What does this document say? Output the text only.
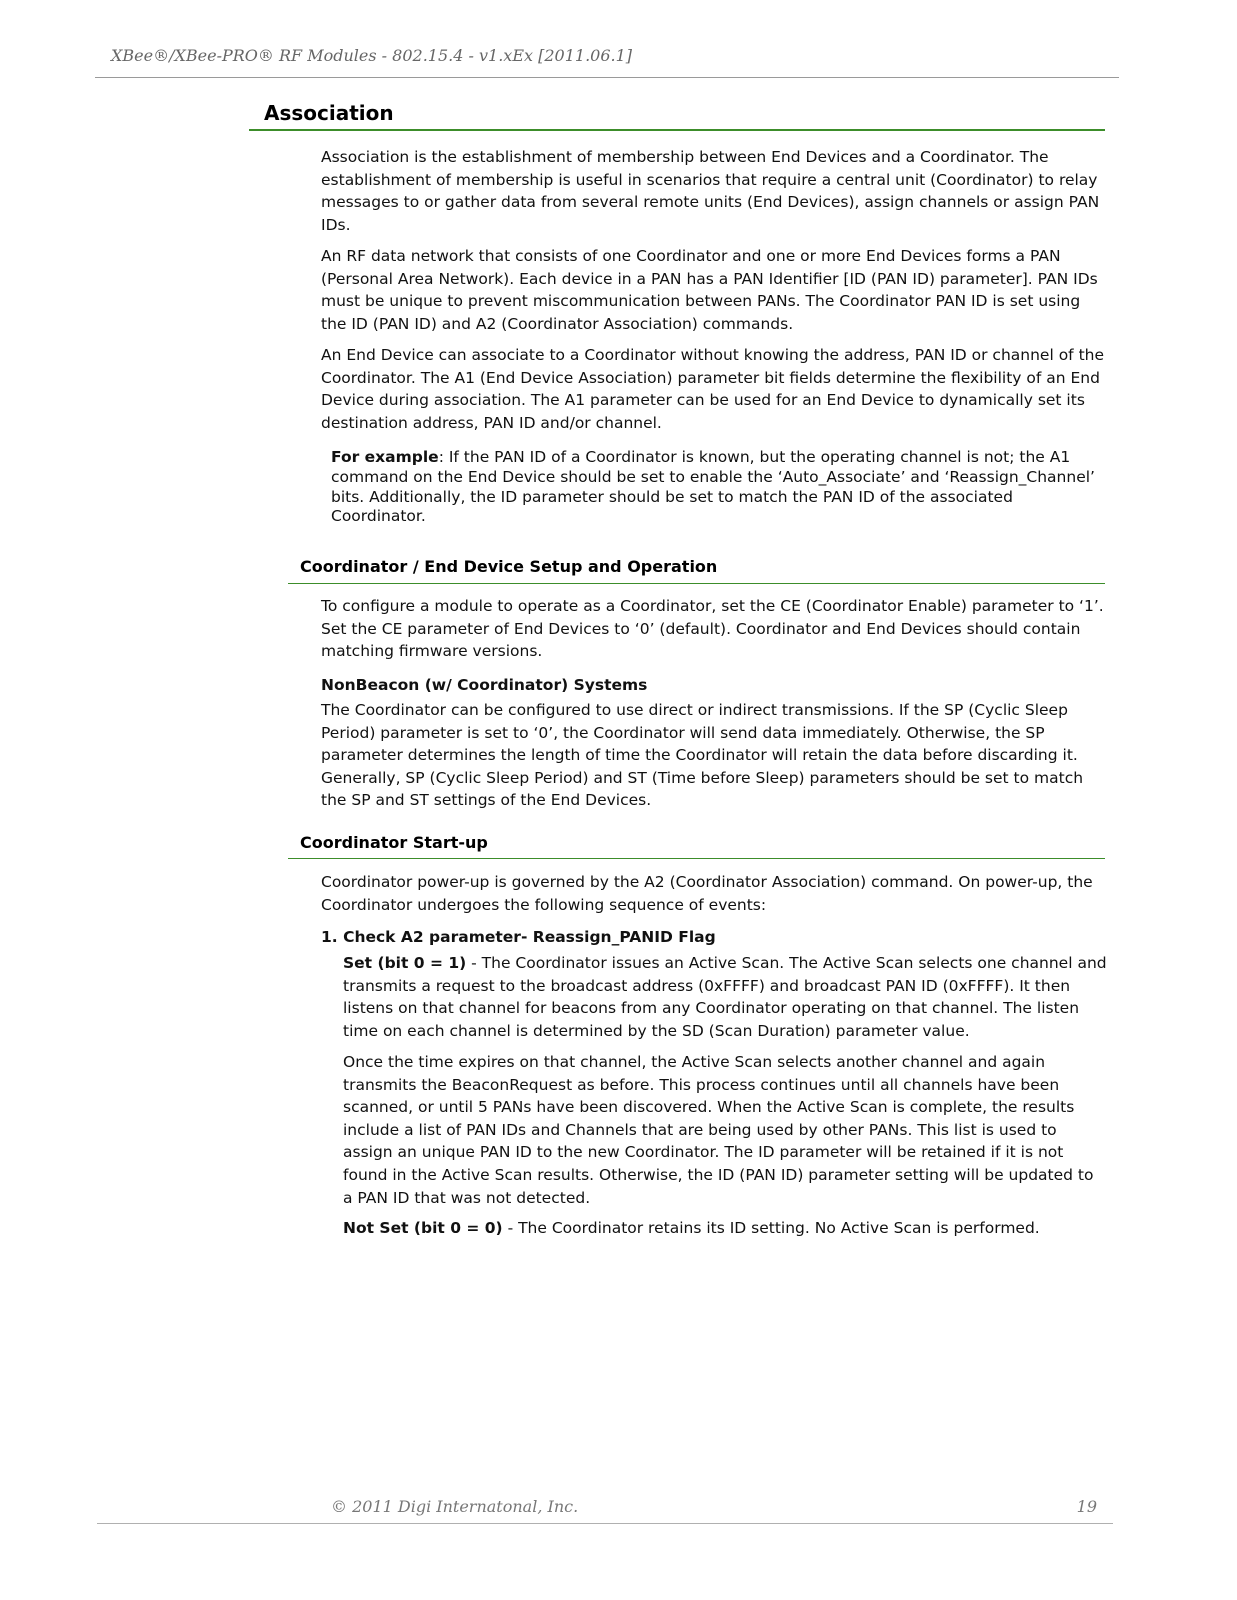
XBee®/XBee-PRO® RF Modules - 802.15.4 - v1.xEx [2011.06.1]
Association

Association is the establishment of membership between End Devices and a Coordinator. The establishment of membership is useful in scenarios that require a central unit (Coordinator) to relay messages to or gather data from several remote units (End Devices), assign channels or assign PAN IDs.

An RF data network that consists of one Coordinator and one or more End Devices forms a PAN (Personal Area Network). Each device in a PAN has a PAN Identifier [ID (PAN ID) parameter]. PAN IDs must be unique to prevent miscommunication between PANs. The Coordinator PAN ID is set using the ID (PAN ID) and A2 (Coordinator Association) commands.

An End Device can associate to a Coordinator without knowing the address, PAN ID or channel of the Coordinator. The A1 (End Device Association) parameter bit fields determine the flexibility of an End Device during association. The A1 parameter can be used for an End Device to dynamically set its destination address, PAN ID and/or channel.

For example: If the PAN ID of a Coordinator is known, but the operating channel is not; the A1 command on the End Device should be set to enable the ‘Auto_Associate’ and ‘Reassign_Channel’ bits. Additionally, the ID parameter should be set to match the PAN ID of the associated Coordinator.

Coordinator / End Device Setup and Operation

To configure a module to operate as a Coordinator, set the CE (Coordinator Enable) parameter to ‘1’. Set the CE parameter of End Devices to ‘0’ (default). Coordinator and End Devices should contain matching firmware versions.

NonBeacon (w/ Coordinator) Systems

The Coordinator can be configured to use direct or indirect transmissions. If the SP (Cyclic Sleep Period) parameter is set to ‘0’, the Coordinator will send data immediately. Otherwise, the SP parameter determines the length of time the Coordinator will retain the data before discarding it. Generally, SP (Cyclic Sleep Period) and ST (Time before Sleep) parameters should be set to match the SP and ST settings of the End Devices.

Coordinator Start-up

Coordinator power-up is governed by the A2 (Coordinator Association) command. On power-up, the Coordinator undergoes the following sequence of events:

1. Check A2 parameter- Reassign_PANID Flag

Set (bit 0 = 1) - The Coordinator issues an Active Scan. The Active Scan selects one channel and transmits a request to the broadcast address (0xFFFF) and broadcast PAN ID (0xFFFF). It then listens on that channel for beacons from any Coordinator operating on that channel. The listen time on each channel is determined by the SD (Scan Duration) parameter value.

Once the time expires on that channel, the Active Scan selects another channel and again transmits the BeaconRequest as before. This process continues until all channels have been scanned, or until 5 PANs have been discovered. When the Active Scan is complete, the results include a list of PAN IDs and Channels that are being used by other PANs. This list is used to assign an unique PAN ID to the new Coordinator. The ID parameter will be retained if it is not found in the Active Scan results. Otherwise, the ID (PAN ID) parameter setting will be updated to a PAN ID that was not detected.

Not Set (bit 0 = 0) - The Coordinator retains its ID setting. No Active Scan is performed.

© 2011 Digi Internatonal, Inc.	19
